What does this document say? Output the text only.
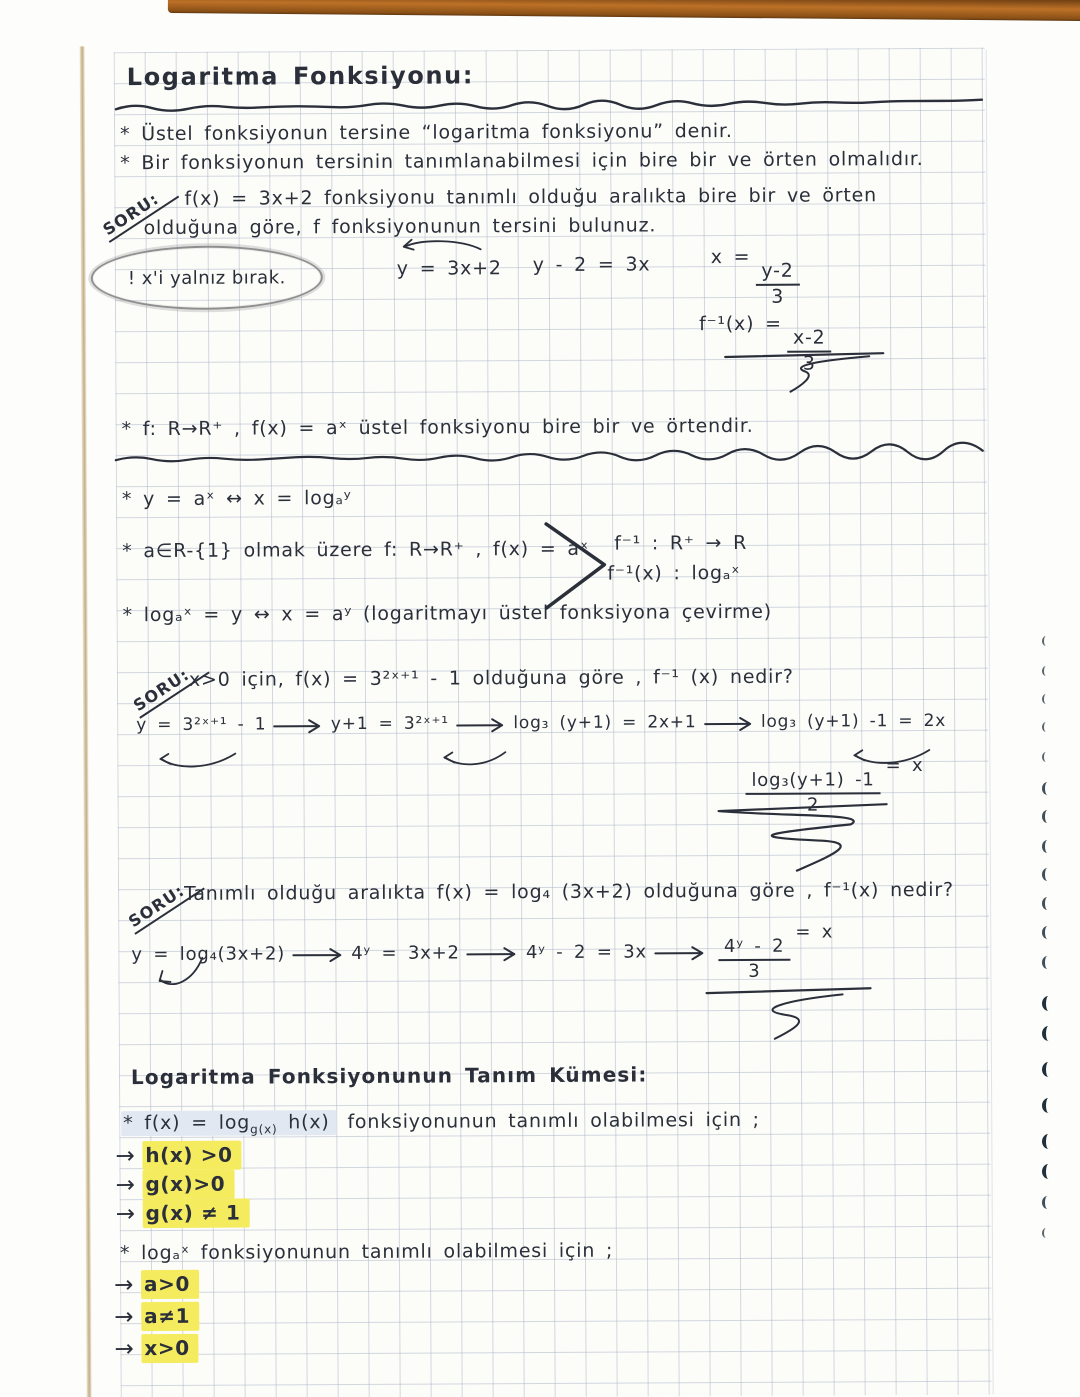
Logaritma Fonksiyonu:
* Üstel fonksiyonun tersine “logaritma fonksiyonu” denir.
* Bir fonksiyonun tersinin tanımlanabilmesi için bire bir ve örten olmalıdır.
SORU:	f(x) = 3x+2 fonksiyonu tanımlı olduğu aralıkta bire bir ve örten
olduğuna göre, f fonksiyonunun tersini bulunuz.
! x'i yalnız bırak.	y = 3x+2 y - 2 = 3x	x =
$\frac{y-2}{3}$
f⁻¹(x) =
$\frac{x-2}{3}$
* f: R→R⁺ , f(x) = aˣ üstel fonksiyonu bire bir ve örtendir.
* y = aˣ ↔ x = logₐʸ
* a∈R-{1} olmak üzere f: R→R⁺ , f(x) = aˣ f⁻¹ : R⁺ → R
f⁻¹(x) : logₐˣ
* logₐˣ = y ↔ x = aʸ (logaritmayı üstel fonksiyona çevirme)
SORU:
x>0 için, f(x) = 3²ˣ⁺¹ - 1 olduğuna göre , f⁻¹ (x) nedir?
y = 3²ˣ⁺¹ - 1	y+1 = 3²ˣ⁺¹	log₃ (y+1) = 2x+1	log₃ (y+1) -1 = 2x
$\frac{\text{log₃(y+1) -1}}{2}$
= x
SORU:
Tanımlı olduğu aralıkta f(x) = log₄ (3x+2) olduğuna göre , f⁻¹(x) nedir?
y = log₄(3x+2)	4ʸ = 3x+2	4ʸ - 2 = 3x	$\frac{\text{4ʸ - 2}}{3}$
= x
Logaritma Fonksiyonunun Tanım Kümesi:
* $f(x) = \log_{g(x)} h(x)$ fonksiyonunun tanımlı olabilmesi için ;
→ h(x) >0
→ g(x)>0
→ g(x) ≠ 1
* logₐˣ fonksiyonunun tanımlı olabilmesi için ;
→ a>0
→ a≠1
→ x>0
